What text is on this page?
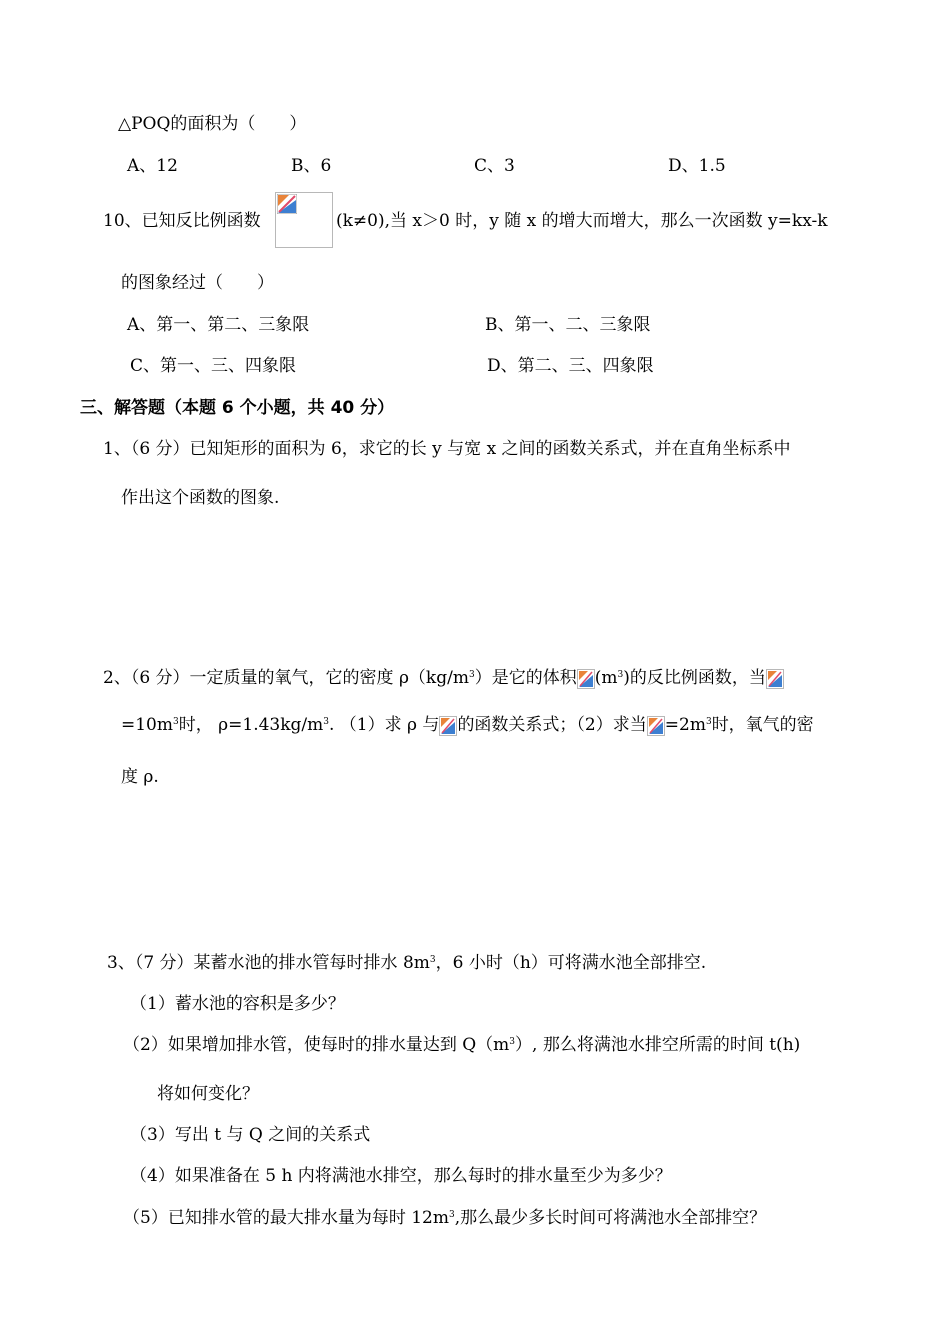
△POQ的面积为（　　）
A、12	B、6	C、3	D、1.5
10、已知反比例函数	(k≠0),当 x＞0 时，y 随 x 的增大而增大，那么一次函数 y=kx-k
的图象经过（　　）
A、第一、第二、三象限	B、第一、二、三象限
C、第一、三、四象限	D、第二、三、四象限
三、解答题（本题 6 个小题，共 40 分）
1、（6 分）已知矩形的面积为 6，求它的长 y 与宽 x 之间的函数关系式，并在直角坐标系中
作出这个函数的图象.
2、（6 分）一定质量的氧气，它的密度 $\rho(kg/m^3)$是它的体积 $(m^3)$的反比例函数，当
$=10m^3$时， $\rho=1.43kg/m^3$. （1）求 ρ 与 的函数关系式；（2）求当 $=2m^3$时，氧气的密
度 ρ.
3、（7 分）某蓄水池的排水管每时排水 $8m^3$，6 小时（h）可将满水池全部排空.
（1）蓄水池的容积是多少？
（2）如果增加排水管，使每时的排水量达到 $Q(m^3)$, 那么将满池水排空所需的时间 t(h)
将如何变化？
（3）写出 t 与 Q 之间的关系式
（4）如果准备在 5 h 内将满池水排空，那么每时的排水量至少为多少？
（5）已知排水管的最大排水量为每时 $12m^3$,那么最少多长时间可将满池水全部排空？
